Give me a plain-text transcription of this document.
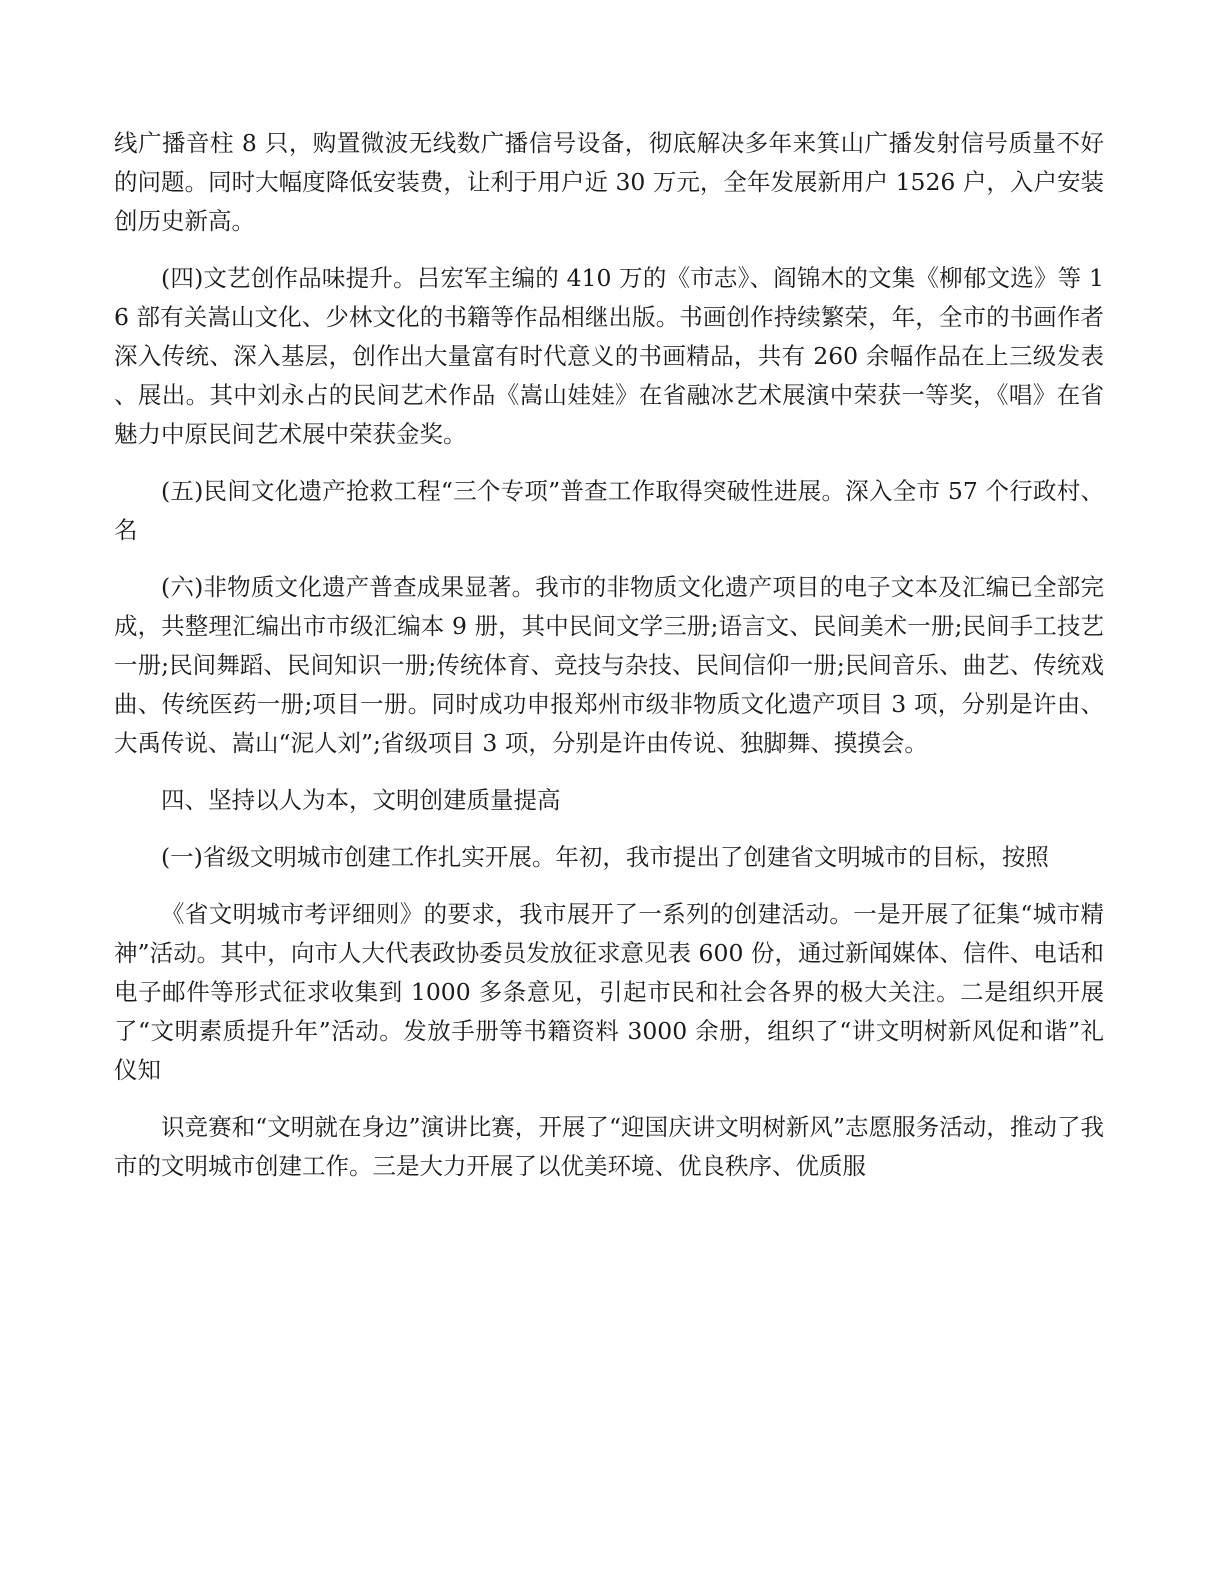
线广播音柱 8 只，购置微波无线数广播信号设备，彻底解决多年来箕山广播发射信号质量不好的问题。同时大幅度降低安装费，让利于用户近 30 万元，全年发展新用户 1526 户，入户安装创历史新高。

(四)文艺创作品味提升。吕宏军主编的 410 万的《市志》、阎锦木的文集《柳郁文选》等 16 部有关嵩山文化、少林文化的书籍等作品相继出版。书画创作持续繁荣，年，全市的书画作者深入传统、深入基层，创作出大量富有时代意义的书画精品，共有 260 余幅作品在上三级发表、展出。其中刘永占的民间艺术作品《嵩山娃娃》在省融冰艺术展演中荣获一等奖，《唱》在省魅力中原民间艺术展中荣获金奖。

(五)民间文化遗产抢救工程“三个专项”普查工作取得突破性进展。深入全市 57 个行政村、名

(六)非物质文化遗产普查成果显著。我市的非物质文化遗产项目的电子文本及汇编已全部完成，共整理汇编出市市级汇编本 9 册，其中民间文学三册;语言文、民间美术一册;民间手工技艺一册;民间舞蹈、民间知识一册;传统体育、竞技与杂技、民间信仰一册;民间音乐、曲艺、传统戏曲、传统医药一册;项目一册。同时成功申报郑州市级非物质文化遗产项目 3 项，分别是许由、大禹传说、嵩山“泥人刘”;省级项目 3 项，分别是许由传说、独脚舞、摸摸会。

四、坚持以人为本，文明创建质量提高

(一)省级文明城市创建工作扎实开展。年初，我市提出了创建省文明城市的目标，按照

《省文明城市考评细则》的要求，我市展开了一系列的创建活动。一是开展了征集“城市精神”活动。其中，向市人大代表政协委员发放征求意见表 600 份，通过新闻媒体、信件、电话和电子邮件等形式征求收集到 1000 多条意见，引起市民和社会各界的极大关注。二是组织开展了“文明素质提升年”活动。发放手册等书籍资料 3000 余册，组织了“讲文明树新风促和谐”礼仪知

识竞赛和“文明就在身边”演讲比赛，开展了“迎国庆讲文明树新风”志愿服务活动，推动了我市的文明城市创建工作。三是大力开展了以优美环境、优良秩序、优质服
